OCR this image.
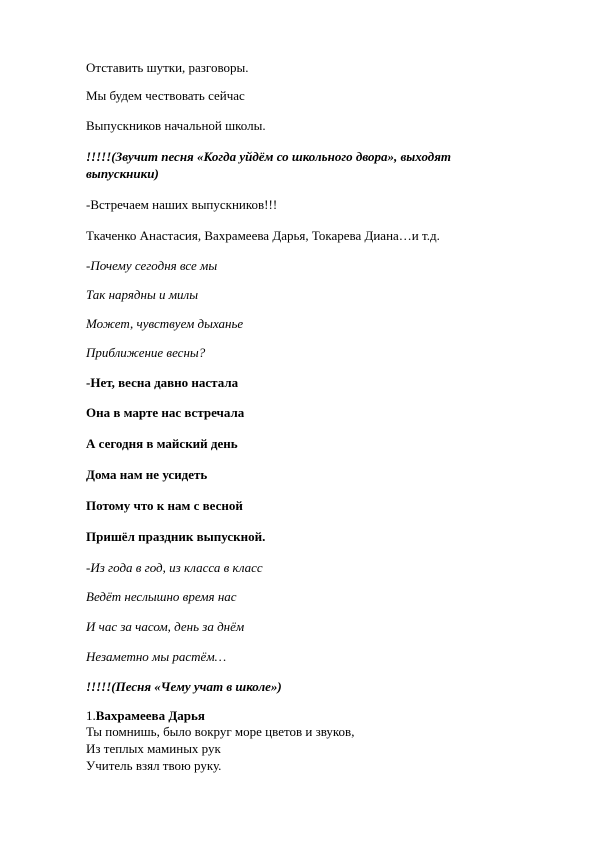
Отставить шутки, разговоры.
Мы будем чествовать сейчас
Выпускников начальной школы.
!!!!!(Звучит песня «Когда уйдём со школьного двора», выходят
выпускники)
-Встречаем наших выпускников!!!
Ткаченко Анастасия, Вахрамеева Дарья, Токарева Диана…и т.д.
-Почему сегодня все мы
Так нарядны и милы
Может, чувствуем дыханье
Приближение весны?
-Нет, весна давно настала
Она в марте нас встречала
А сегодня в майский день
Дома нам не усидеть
Потому что к нам с весной
Пришёл праздник выпускной.
-Из года в год, из класса в класс
Ведёт неслышно время нас
И час за часом, день за днём
Незаметно мы растём…
!!!!!(Песня «Чему учат в школе»)
1.Вахрамеева Дарья
Ты помнишь, было вокруг море цветов и звуков,
Из теплых маминых рук
Учитель взял твою руку.
